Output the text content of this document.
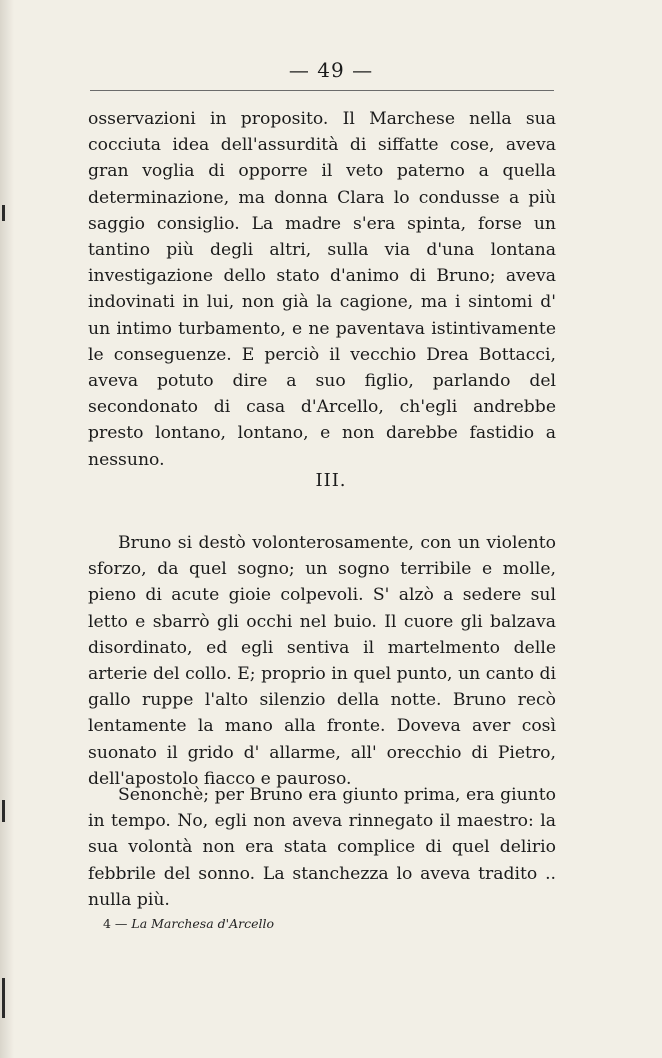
— 49 —
osservazioni in proposito. Il Marchese nella sua cocciuta idea dell'assurdità di siffatte cose, aveva gran voglia di opporre il veto paterno a quella determinazione, ma donna Clara lo condusse a più saggio consiglio. La madre s'era spinta, forse un tantino più degli altri, sulla via d'una lontana investigazione dello stato d'animo di Bruno; aveva indovinati in lui, non già la cagione, ma i sintomi d' un intimo turbamento, e ne paventava istintivamente le conseguenze. E perciò il vecchio Drea Bottacci, aveva potuto dire a suo figlio, parlando del secondonato di casa d'Arcello, ch'egli andrebbe presto lontano, lontano, e non darebbe fastidio a nessuno.
III.
Bruno si destò volonterosamente, con un violento sforzo, da quel sogno; un sogno terribile e molle, pieno di acute gioie colpevoli. S' alzò a sedere sul letto e sbarrò gli occhi nel buio. Il cuore gli balzava disordinato, ed egli sentiva il martelmento delle arterie del collo. E; proprio in quel punto, un canto di gallo ruppe l'alto silenzio della notte. Bruno recò lentamente la mano alla fronte. Doveva aver così suonato il grido d' allarme, all' orecchio di Pietro, dell'apostolo fiacco e pauroso.
Senonchè; per Bruno era giunto prima, era giunto in tempo. No, egli non aveva rinnegato il maestro: la sua volontà non era stata complice di quel delirio febbrile del sonno. La stanchezza lo aveva tradito .. nulla più.
4 — La Marchesa d'Arcello
